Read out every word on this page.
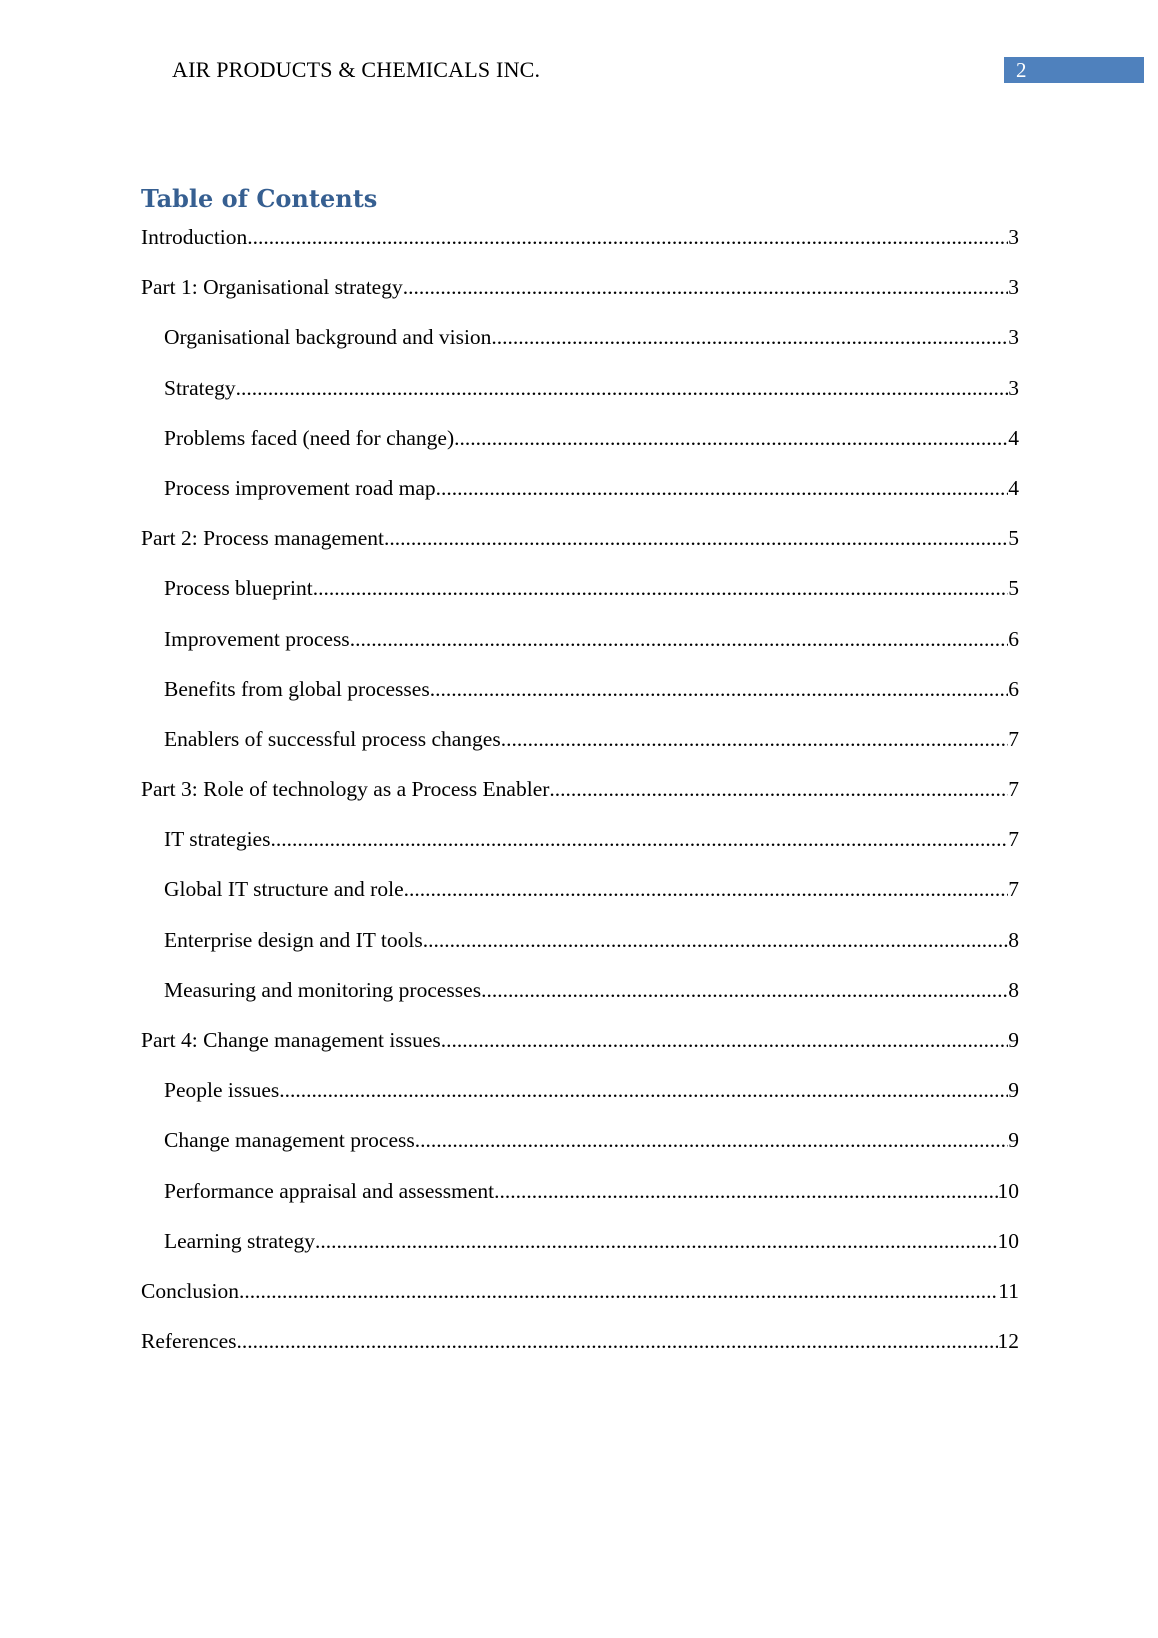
AIR PRODUCTS & CHEMICALS INC.	2
Table of Contents
Introduction .....	3
Part 1: Organisational strategy .....	3
Organisational background and vision .....	3
Strategy .....	3
Problems faced (need for change) .....	4
Process improvement road map .....	4
Part 2: Process management .....	5
Process blueprint .....	5
Improvement process .....	6
Benefits from global processes .....	6
Enablers of successful process changes .....	7
Part 3: Role of technology as a Process Enabler .....	7
IT strategies .....	7
Global IT structure and role .....	7
Enterprise design and IT tools .....	8
Measuring and monitoring processes .....	8
Part 4: Change management issues .....	9
People issues .....	9
Change management process .....	9
Performance appraisal and assessment .....	10
Learning strategy .....	10
Conclusion .....	11
References .....	12
